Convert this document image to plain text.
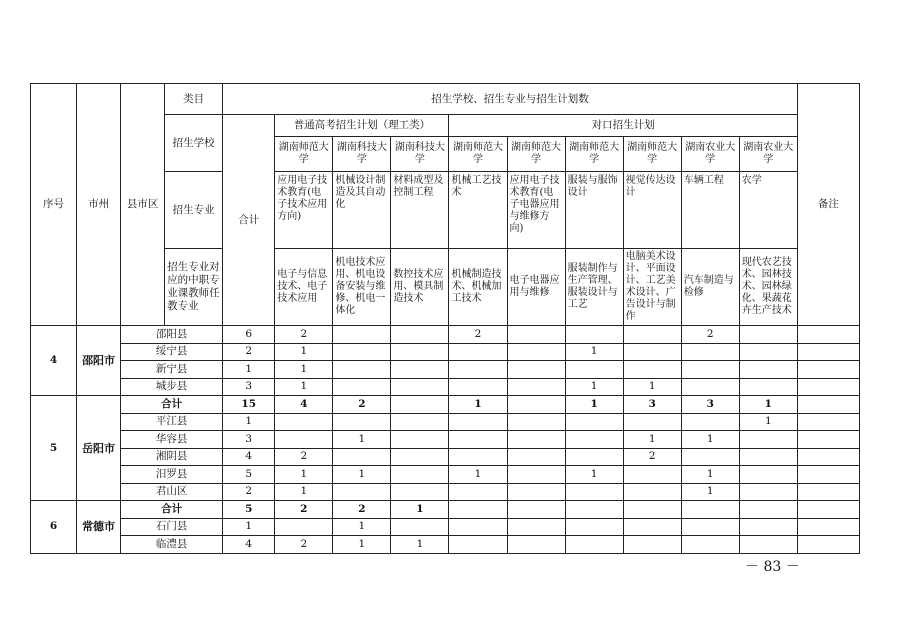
序号	市州	县市区	类目	招生学校、招生专业与招生计划数										备注
			招生学校	合计	普通高考招生计划（理工类）			对口招生计划						
					湖南师范大学	湖南科技大学	湖南科技大学	湖南师范大学	湖南师范大学	湖南师范大学	湖南师范大学	湖南农业大学	湖南农业大学	
			招生专业		应用电子技术教育(电子技术应用方向)	机械设计制造及其自动化	材料成型及控制工程	机械工艺技术	应用电子技术教育(电子电器应用与维修方向)	服装与服饰设计	视觉传达设计	车辆工程	农学	
			招生专业对应的中职专业课教师任教专业		电子与信息技术、电子技术应用	机电技术应用、机电设备安装与维修、机电一体化	数控技术应用、模具制造技术	机械制造技术、机械加工技术	电子电器应用与维修	服装制作与生产管理、服装设计与工艺	电脑美术设计、平面设计、工艺美术设计、广告设计与制作	汽车制造与检修	现代农艺技术、园林技术、园林绿化、果蔬花卉生产技术	
4	邵阳市	邵阳县		6	2			2				2		
		绥宁县		2	1					1				
		新宁县		1	1									
		城步县		3	1					1	1			
5	岳阳市	合计		15	4	2		1		1	3	3	1	
		平江县		1									1	
		华容县		3		1					1	1		
		湘阴县		4	2						2			
		汨罗县		5	1	1		1		1		1		
		君山区		2	1							1		
6	常德市	合计		5	2	2	1							
		石门县		1		1								
		临澧县		4	2	1	1							
－ 83 －
